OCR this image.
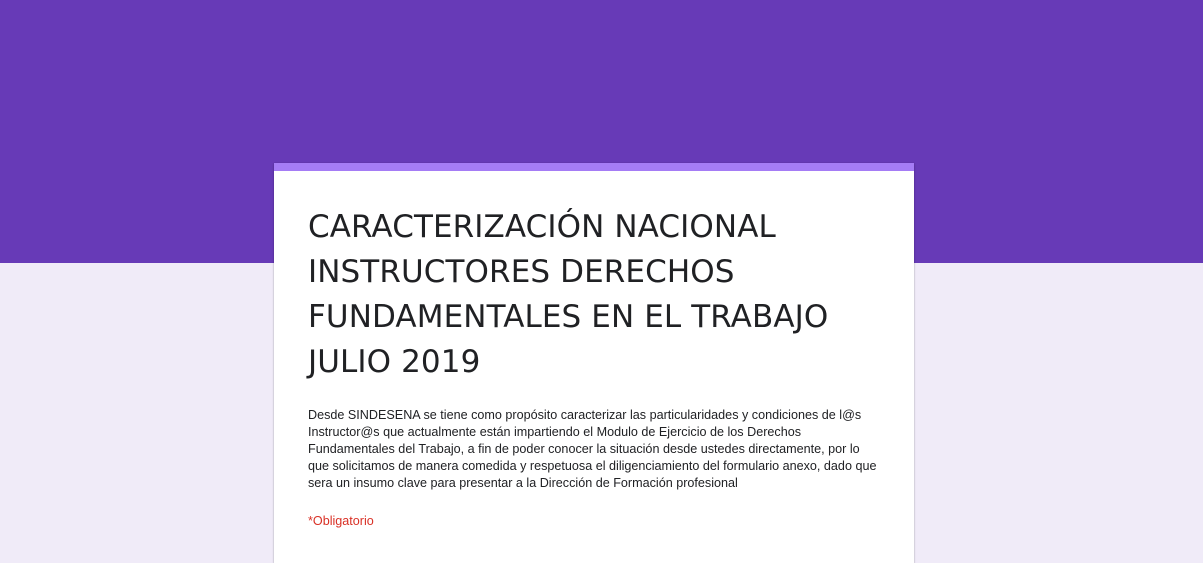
CARACTERIZACIÓN NACIONAL INSTRUCTORES DERECHOS FUNDAMENTALES EN EL TRABAJO JULIO 2019

Desde SINDESENA se tiene como propósito caracterizar las particularidades y condiciones de l@s Instructor@s que actualmente están impartiendo el Modulo de Ejercicio de los Derechos Fundamentales del Trabajo, a fin de poder conocer la situación desde ustedes directamente, por lo que solicitamos de manera comedida y respetuosa el diligenciamiento del formulario anexo, dado que sera un insumo clave para presentar a la Dirección de Formación profesional

*Obligatorio
